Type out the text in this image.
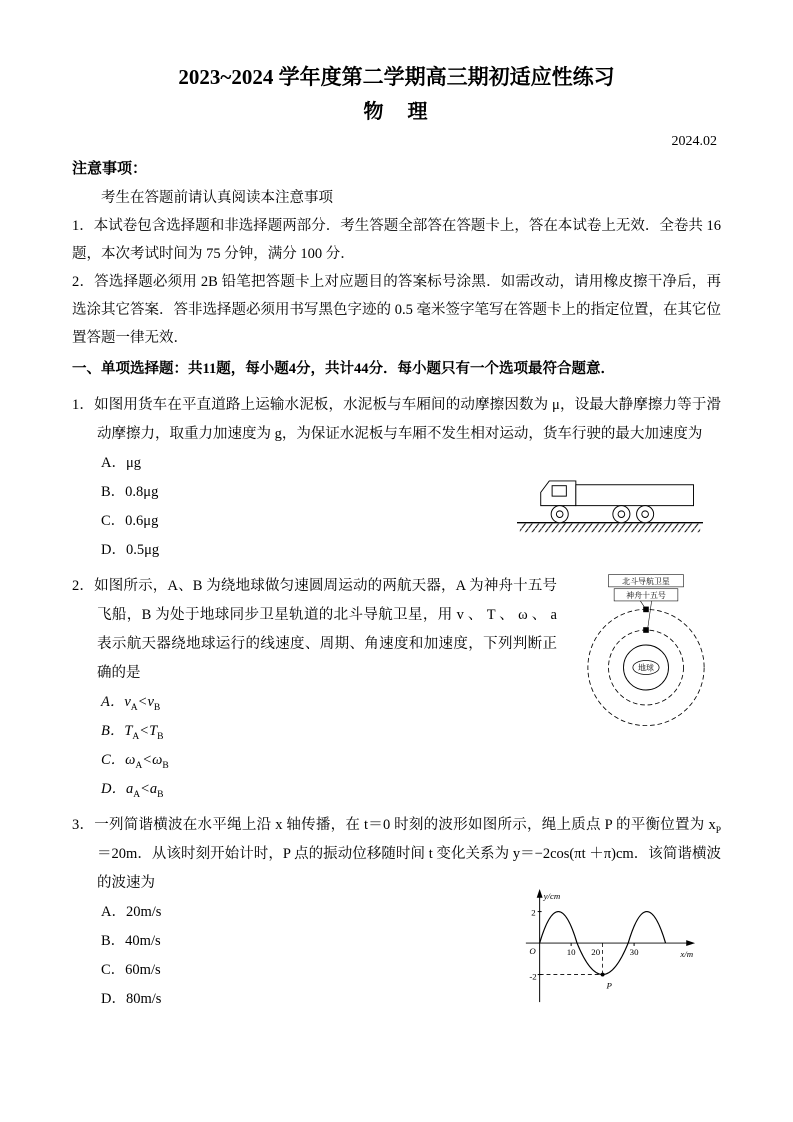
2023~2024 学年度第二学期高三期初适应性练习
物　理
2024.02
注意事项：

考生在答题前请认真阅读本注意事项

1．本试卷包含选择题和非选择题两部分．考生答题全部答在答题卡上，答在本试卷上无效．全卷共 16 题，本次考试时间为 75 分钟，满分 100 分．

2．答选择题必须用 2B 铅笔把答题卡上对应题目的答案标号涂黑．如需改动，请用橡皮擦干净后，再选涂其它答案．答非选择题必须用书写黑色字迹的 0.5 毫米签字笔写在答题卡上的指定位置，在其它位置答题一律无效．

一、单项选择题：共11题，每小题4分，共计44分．每小题只有一个选项最符合题意．

1．如图用货车在平直道路上运输水泥板，水泥板与车厢间的动摩擦因数为 μ，设最大静摩擦力等于滑动摩擦力，取重力加速度为 g，为保证水泥板与车厢不发生相对运动，货车行驶的最大加速度为

A．μg

B．0.8μg

C．0.6μg

D．0.5μg

地球
北斗导航卫星
神舟十五号

2．如图所示，A、B 为绕地球做匀速圆周运动的两航天器，A 为神舟十五号飞船，B 为处于地球同步卫星轨道的北斗导航卫星，用 v 、 T 、 ω 、 a 表示航天器绕地球运行的线速度、周期、角速度和加速度，下列判断正确的是

A．$v_A<v_B$

B．$T_A<T_B$

C．$\omega_A<\omega_B$

D．$a_A<a_B$

3．一列简谐横波在水平绳上沿 x 轴传播，在 t＝0 时刻的波形如图所示，绳上质点 P 的平衡位置为 $x_P=20m$．从该时刻开始计时，P 点的振动位移随时间 t 变化关系为 y＝−2cos(πt ＋π)cm．该简谐横波的波速为

A．20m/s

B．40m/s

C．60m/s

D．80m/s

y/cm
x/m
O
2
-2
10 20	30
P
